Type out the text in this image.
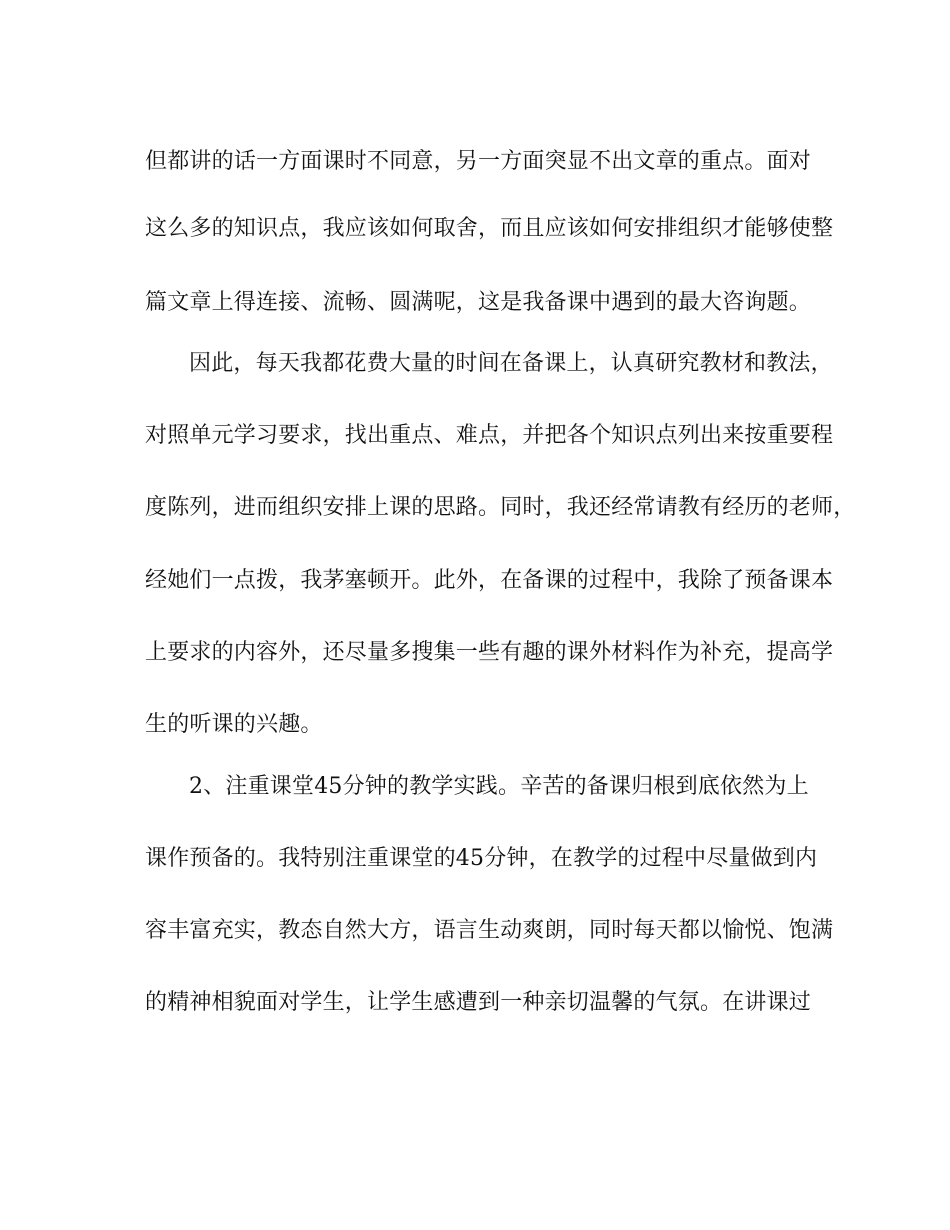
但都讲的话一方面课时不同意，另一方面突显不出文章的重点。面对
这么多的知识点，我应该如何取舍，而且应该如何安排组织才能够使整
篇文章上得连接、流畅、圆满呢，这是我备课中遇到的最大咨询题。
因此，每天我都花费大量的时间在备课上，认真研究教材和教法，
对照单元学习要求，找出重点、难点，并把各个知识点列出来按重要程
度陈列，进而组织安排上课的思路。同时，我还经常请教有经历的老师，
经她们一点拨，我茅塞顿开。此外，在备课的过程中，我除了预备课本
上要求的内容外，还尽量多搜集一些有趣的课外材料作为补充，提高学
生的听课的兴趣。
2、注重课堂45分钟的教学实践。辛苦的备课归根到底依然为上
课作预备的。我特别注重课堂的45分钟，在教学的过程中尽量做到内
容丰富充实，教态自然大方，语言生动爽朗，同时每天都以愉悦、饱满
的精神相貌面对学生，让学生感遭到一种亲切温馨的气氛。在讲课过
